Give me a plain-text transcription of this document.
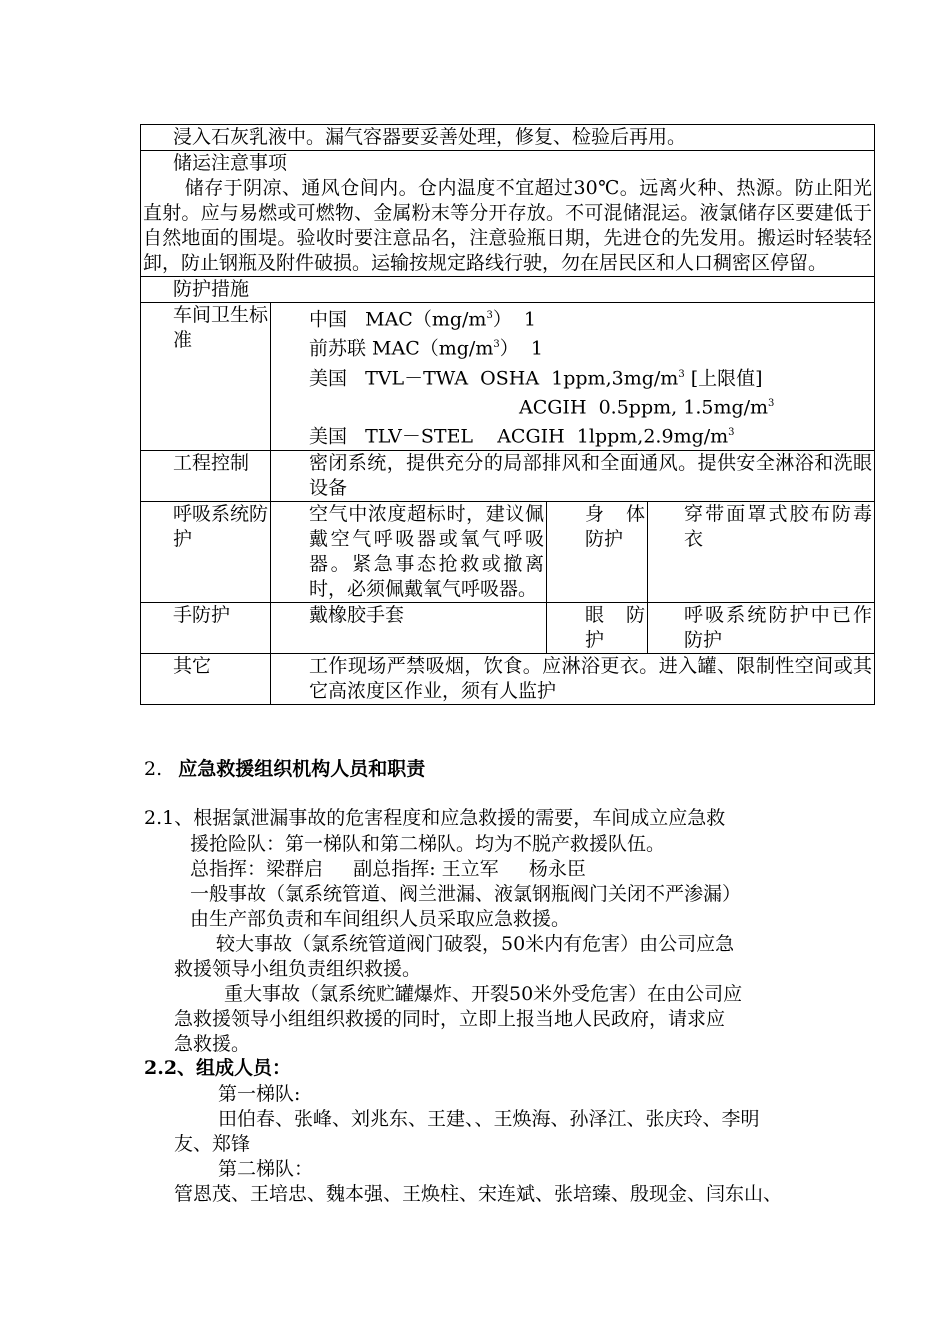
浸入石灰乳液中。漏气容器要妥善处理，修复、检验后再用。			

储运注意事项
储存于阴凉、通风仓间内。仓内温度不宜超过30℃。远离火种、热源。防止阳光直射。应与易燃或可燃物、金属粉末等分开存放。不可混储混运。液氯储存区要建低于自然地面的围堤。验收时要注意品名，注意验瓶日期，先进仓的先发用。搬运时轻装轻卸，防止钢瓶及附件破损。运输按规定路线行驶，勿在居民区和人口稠密区停留。			

防护措施			
车间卫生标准	中国   $MAC(mg/m^3)$  1
前苏联 $MAC(mg/m^3)$  1
美国   TVL－TWA  OSHA  $1ppm,3mg/m^3$ [上限值]
ACGIH  0.5ppm, $1.5mg/m^3$
美国   TLV－STEL    ACGIH  $1lppm,2.9mg/m^3$

工程控制	密闭系统，提供充分的局部排风和全面通风。提供安全淋浴和洗眼设备		
呼吸系统防护	空气中浓度超标时，建议佩戴空气呼吸器或氧气呼吸器。紧急事态抢救或撤离时，必须佩戴氧气呼吸器。	身 体防护	穿带面罩式胶布防毒衣
手防护	戴橡胶手套	眼 防护	呼吸系统防护中已作防护
其它	工作现场严禁吸烟，饮食。应淋浴更衣。进入罐、限制性空间或其它高浓度区作业，须有人监护		
2. 应急救援组织机构人员和职责
2.1、根据氯泄漏事故的危害程度和应急救援的需要，车间成立应急救
援抢险队：第一梯队和第二梯队。均为不脱产救援队伍。
总指挥：梁群启     副总指挥: 王立军     杨永臣
一般事故（氯系统管道、阀兰泄漏、液氯钢瓶阀门关闭不严渗漏）
由生产部负责和车间组织人员采取应急救援。
较大事故（氯系统管道阀门破裂，50米内有危害）由公司应急
救援领导小组负责组织救援。
重大事故（氯系统贮罐爆炸、开裂50米外受危害）在由公司应
急救援领导小组组织救援的同时，立即上报当地人民政府，请求应
急救援。
2.2、组成人员：
第一梯队:
田伯春、张峰、刘兆东、王建、、王焕海、孙泽江、张庆玲、李明
友、郑锋
第二梯队：
管恩茂、王培忠、魏本强、王焕柱、宋连斌、张培臻、殷现金、闫东山、
